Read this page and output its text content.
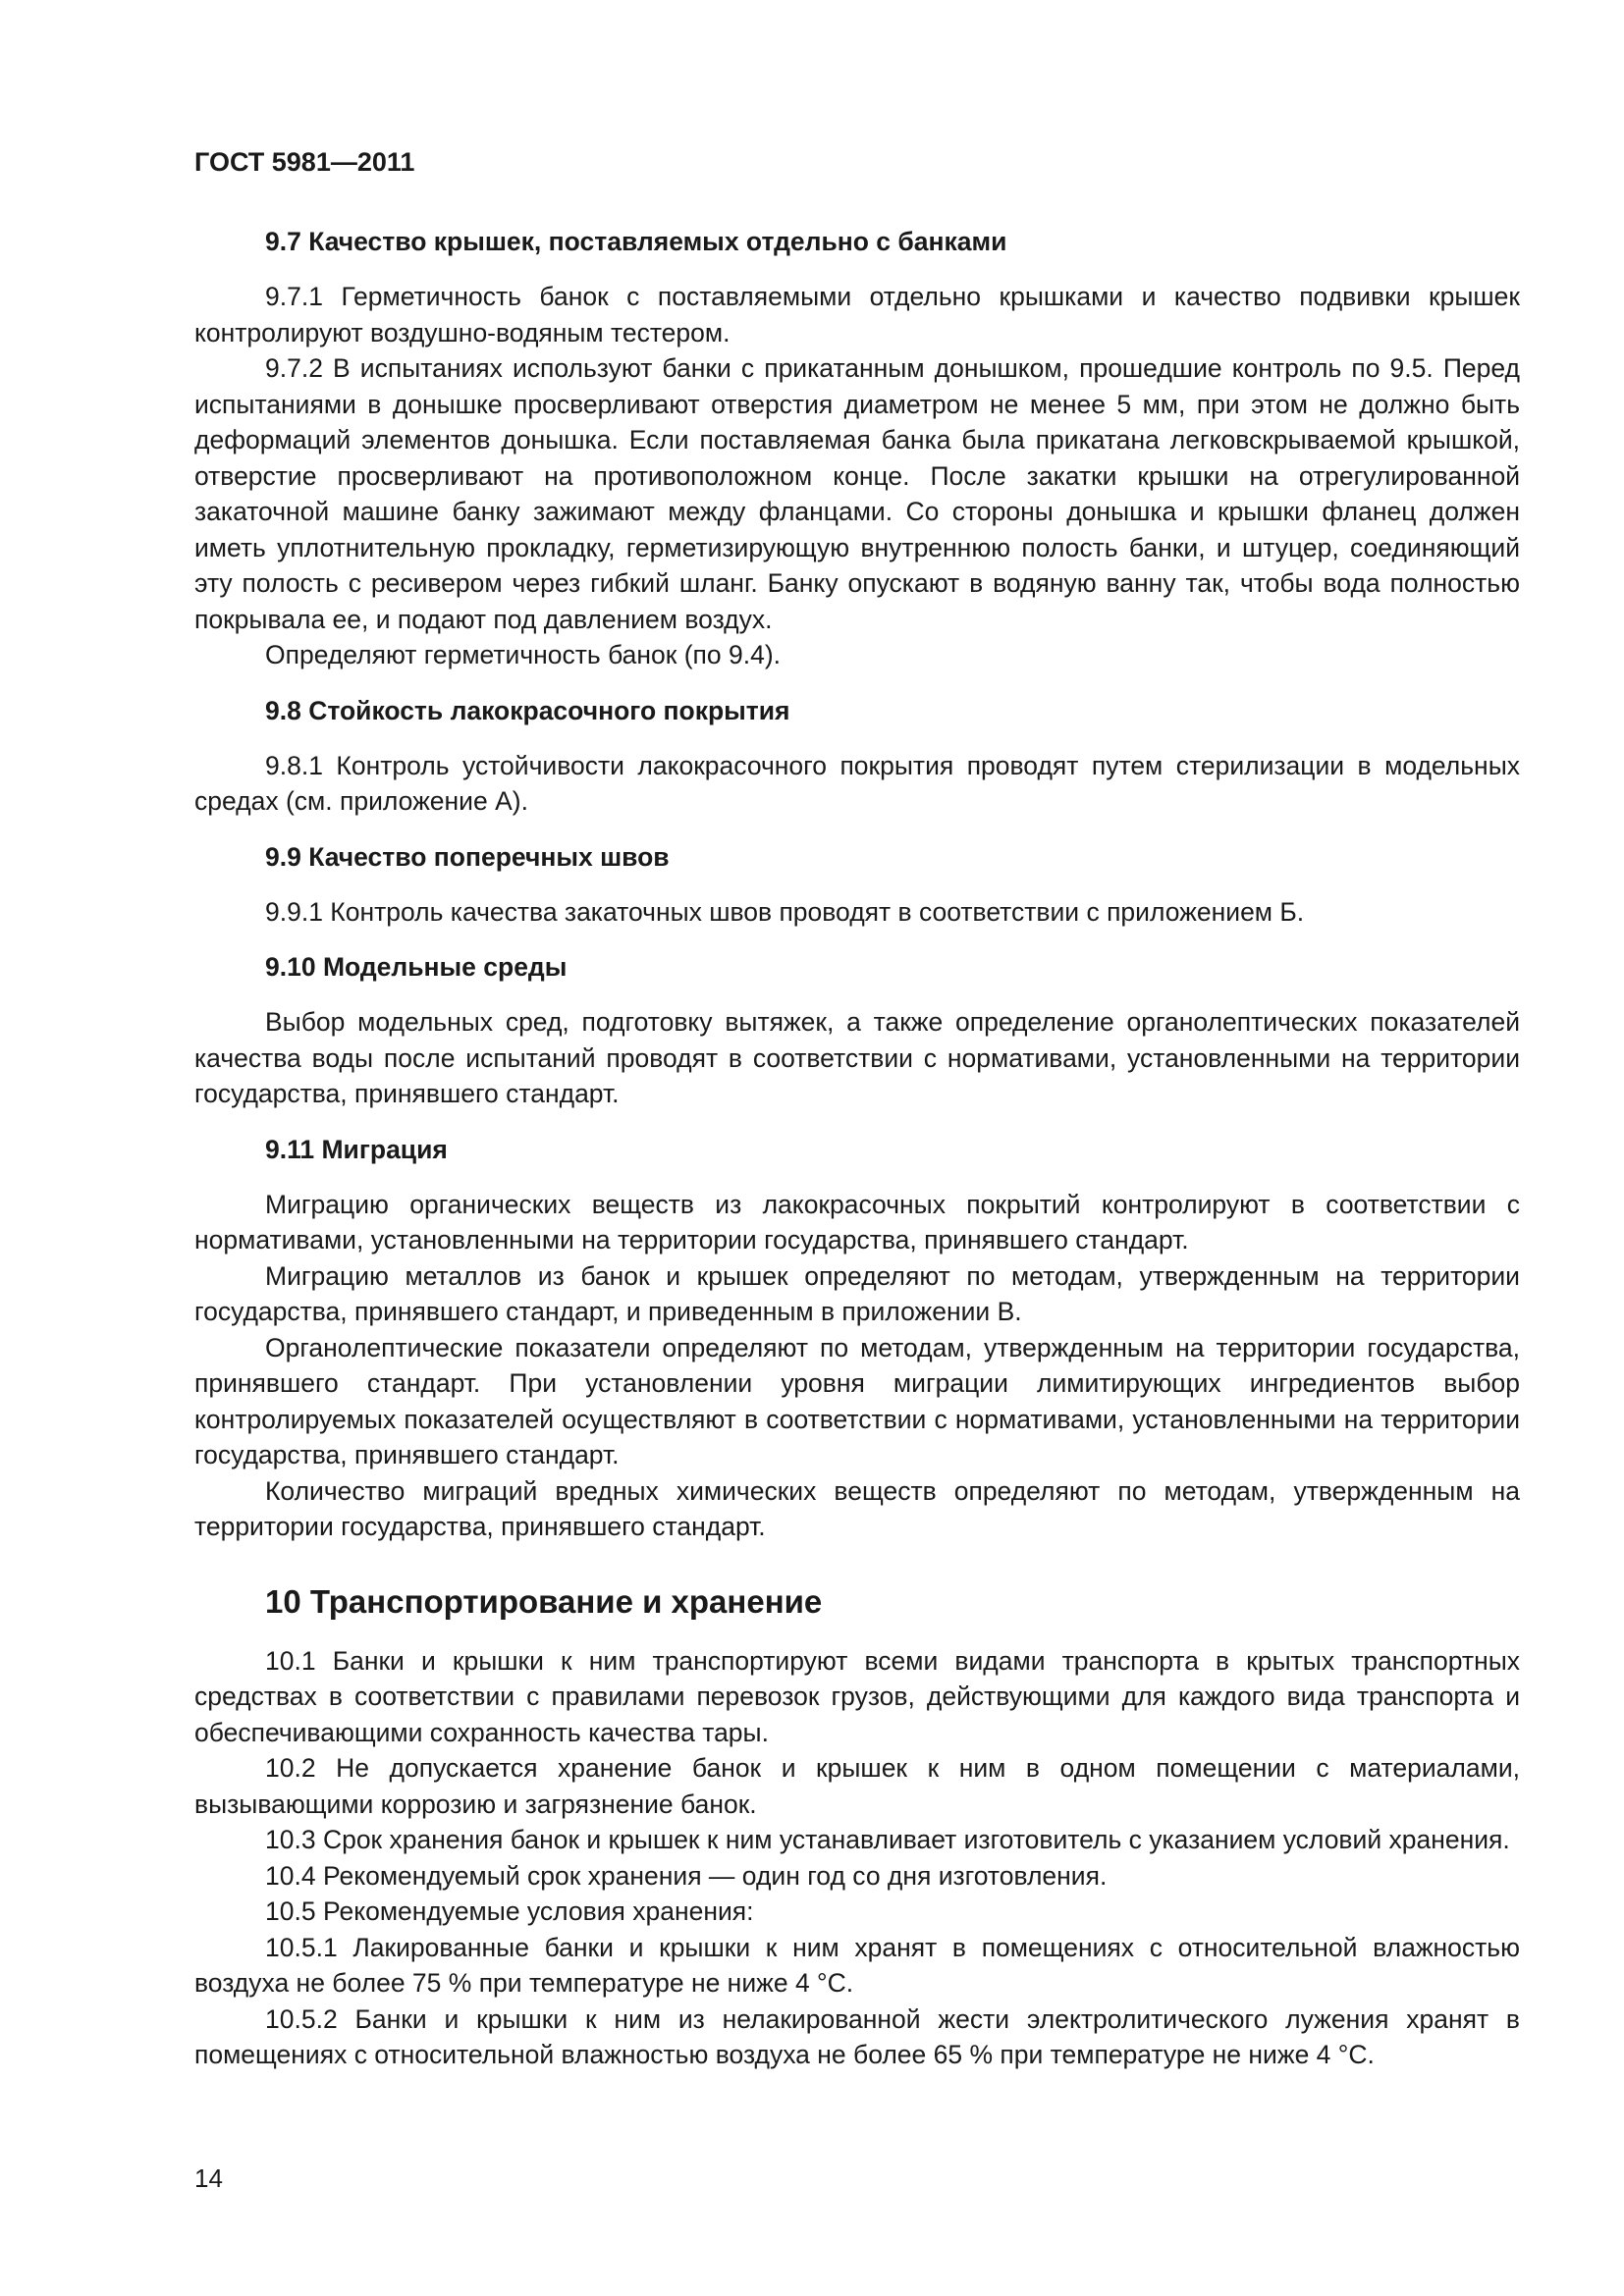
ГОСТ 5981—2011
9.7 Качество крышек, поставляемых отдельно с банками

9.7.1 Герметичность банок с поставляемыми отдельно крышками и качество подвивки крышек контролируют воздушно-водяным тестером.

9.7.2 В испытаниях используют банки с прикатанным донышком, прошедшие контроль по 9.5. Перед испытаниями в донышке просверливают отверстия диаметром не менее 5 мм, при этом не должно быть деформаций элементов донышка. Если поставляемая банка была прикатана легковскрываемой крышкой, отверстие просверливают на противоположном конце. После закатки крышки на отрегулированной закаточной машине банку зажимают между фланцами. Со стороны донышка и крышки фланец должен иметь уплотнительную прокладку, герметизирующую внутреннюю полость банки, и штуцер, соединяющий эту полость с ресивером через гибкий шланг. Банку опускают в водяную ванну так, чтобы вода полностью покрывала ее, и подают под давлением воздух.

Определяют герметичность банок (по 9.4).

9.8 Стойкость лакокрасочного покрытия

9.8.1 Контроль устойчивости лакокрасочного покрытия проводят путем стерилизации в модельных средах (см. приложение А).

9.9 Качество поперечных швов

9.9.1 Контроль качества закаточных швов проводят в соответствии с приложением Б.

9.10 Модельные среды

Выбор модельных сред, подготовку вытяжек, а также определение органолептических показателей качества воды после испытаний проводят в соответствии с нормативами, установленными на территории государства, принявшего стандарт.

9.11 Миграция

Миграцию органических веществ из лакокрасочных покрытий контролируют в соответствии с нормативами, установленными на территории государства, принявшего стандарт.

Миграцию металлов из банок и крышек определяют по методам, утвержденным на территории государства, принявшего стандарт, и приведенным в приложении В.

Органолептические показатели определяют по методам, утвержденным на территории государства, принявшего стандарт. При установлении уровня миграции лимитирующих ингредиентов выбор контролируемых показателей осуществляют в соответствии с нормативами, установленными на территории государства, принявшего стандарт.

Количество миграций вредных химических веществ определяют по методам, утвержденным на территории государства, принявшего стандарт.

10 Транспортирование и хранение

10.1 Банки и крышки к ним транспортируют всеми видами транспорта в крытых транспортных средствах в соответствии с правилами перевозок грузов, действующими для каждого вида транспорта и обеспечивающими сохранность качества тары.

10.2 Не допускается хранение банок и крышек к ним в одном помещении с материалами, вызывающими коррозию и загрязнение банок.

10.3 Срок хранения банок и крышек к ним устанавливает изготовитель с указанием условий хранения.

10.4 Рекомендуемый срок хранения — один год со дня изготовления.

10.5 Рекомендуемые условия хранения:

10.5.1 Лакированные банки и крышки к ним хранят в помещениях с относительной влажностью воздуха не более 75 % при температуре не ниже 4 °С.

10.5.2 Банки и крышки к ним из нелакированной жести электролитического лужения хранят в помещениях с относительной влажностью воздуха не более 65 % при температуре не ниже 4 °С.

14
